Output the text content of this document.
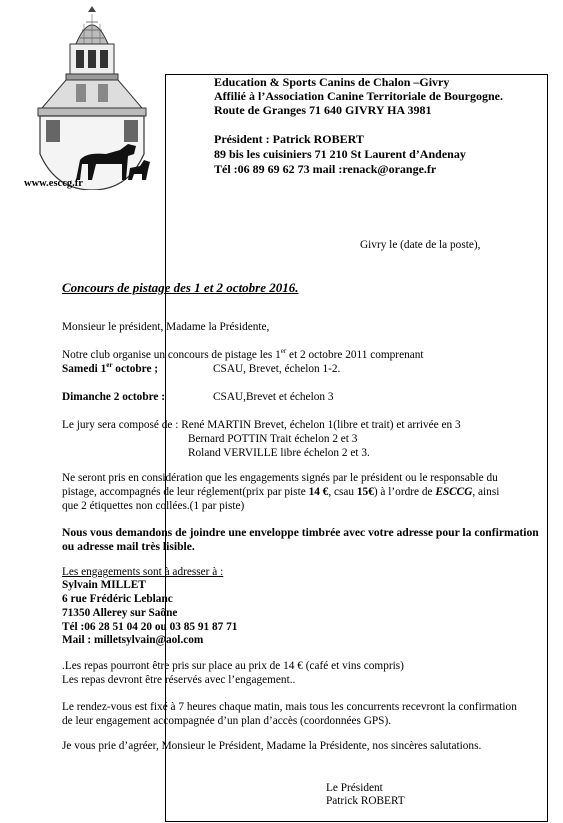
www.esccg.fr
Education & Sports Canins de Chalon –Givry
Affilié à l’Association Canine Territoriale de Bourgogne.
Route de Granges 71 640 GIVRY HA 3981
Président : Patrick ROBERT
89 bis les cuisiniers 71 210 St Laurent d’Andenay
Tél :06 89 69 62 73 mail :renack@orange.fr
Givry le (date de la poste),
Concours de pistage des 1 et 2 octobre 2016.
Monsieur le président, Madame la Présidente,
Notre club organise un concours de pistage les 1er et 2 octobre 2011 comprenant
Samedi 1er octobre ;	CSAU, Brevet, échelon 1-2.
Dimanche 2 octobre :	CSAU,Brevet et échelon 3
Le jury sera composé de : René MARTIN Brevet, échelon 1(libre et trait) et arrivée en 3
Bernard POTTIN Trait échelon 2 et 3
Roland VERVILLE libre échelon 2 et 3.
Ne seront pris en considération que les engagements signés par le président ou le responsable du
pistage, accompagnés de leur réglement(prix par piste 14 €, csau 15€) à l’ordre de ESCCG, ainsi
que 2 étiquettes non collées.(1 par piste)
Nous vous demandons de joindre une enveloppe timbrée avec votre adresse pour la confirmation
ou adresse mail très lisible.
Les engagements sont à adresser à :
Sylvain MILLET
6 rue Frédéric Leblanc
71350 Allerey sur Saône
Tél :06 28 51 04 20 ou 03 85 91 87 71
Mail : milletsylvain@aol.com
.Les repas pourront être pris sur place au prix de 14 € (café et vins compris)
Les repas devront être réservés avec l’engagement..
Le rendez-vous est fixé à 7 heures chaque matin, mais tous les concurrents recevront la confirmation
de leur engagement accompagnée d’un plan d’accès (coordonnées GPS).
Je vous prie d’agréer, Monsieur le Président, Madame la Présidente, nos sincères salutations.
Le Président
Patrick ROBERT
